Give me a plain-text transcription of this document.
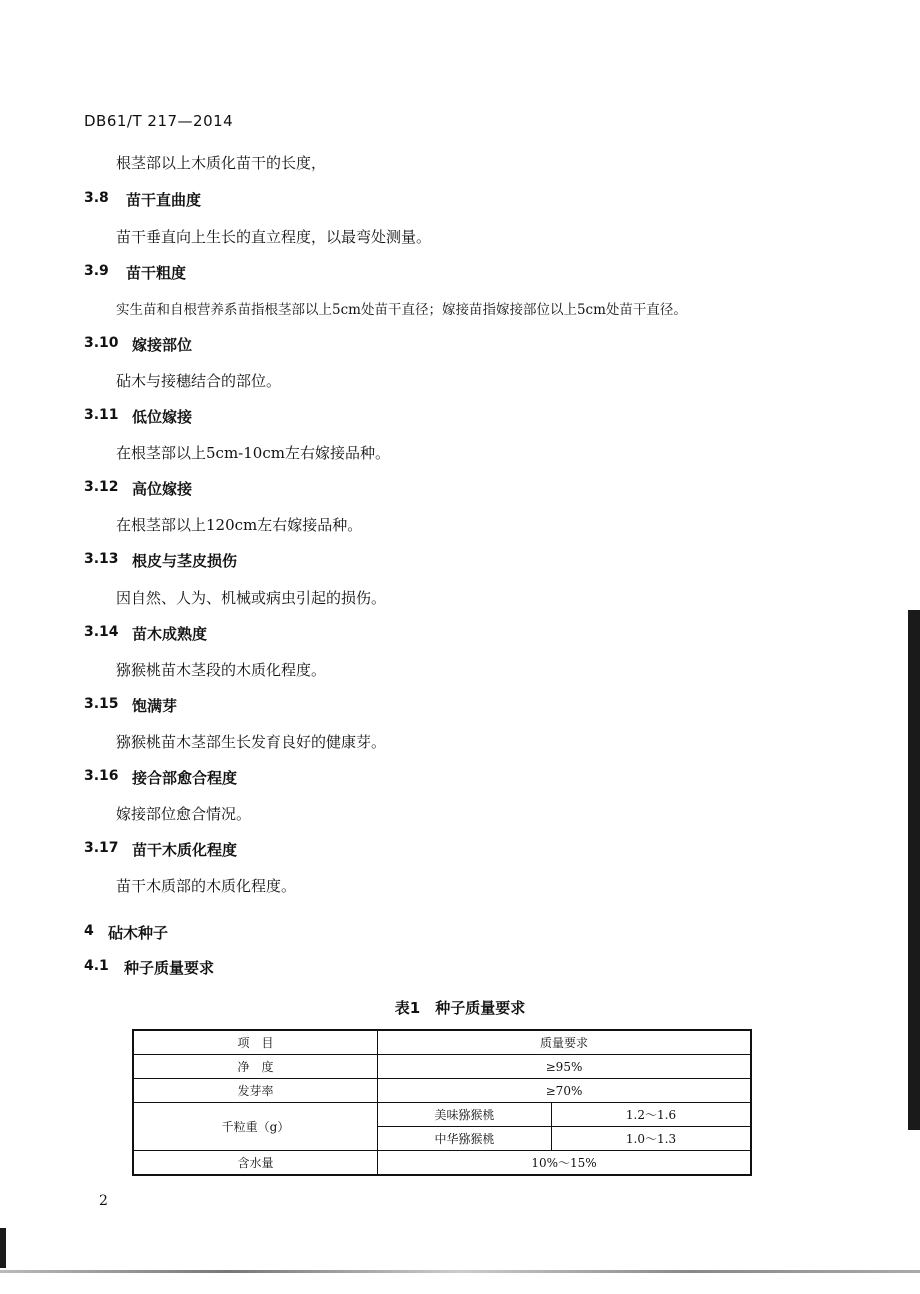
DB61/T 217—2014
根茎部以上木质化苗干的长度，
3.8 苗干直曲度
苗干垂直向上生长的直立程度，以最弯处测量。
3.9 苗干粗度
实生苗和自根营养系苗指根茎部以上5cm处苗干直径；嫁接苗指嫁接部位以上5cm处苗干直径。
3.10 嫁接部位
砧木与接穗结合的部位。
3.11 低位嫁接
在根茎部以上5cm-10cm左右嫁接品种。
3.12 高位嫁接
在根茎部以上120cm左右嫁接品种。
3.13 根皮与茎皮损伤
因自然、人为、机械或病虫引起的损伤。
3.14 苗木成熟度
猕猴桃苗木茎段的木质化程度。
3.15 饱满芽
猕猴桃苗木茎部生长发育良好的健康芽。
3.16 接合部愈合程度
嫁接部位愈合情况。
3.17 苗干木质化程度
苗干木质部的木质化程度。
4 砧木种子
4.1 种子质量要求
表1　种子质量要求
项　目	质量要求	
净　度	≥95%	
发芽率	≥70%	
千粒重（g）	美味猕猴桃	1.2～1.6
	中华猕猴桃	1.0～1.3
含水量	10%～15%	
2
